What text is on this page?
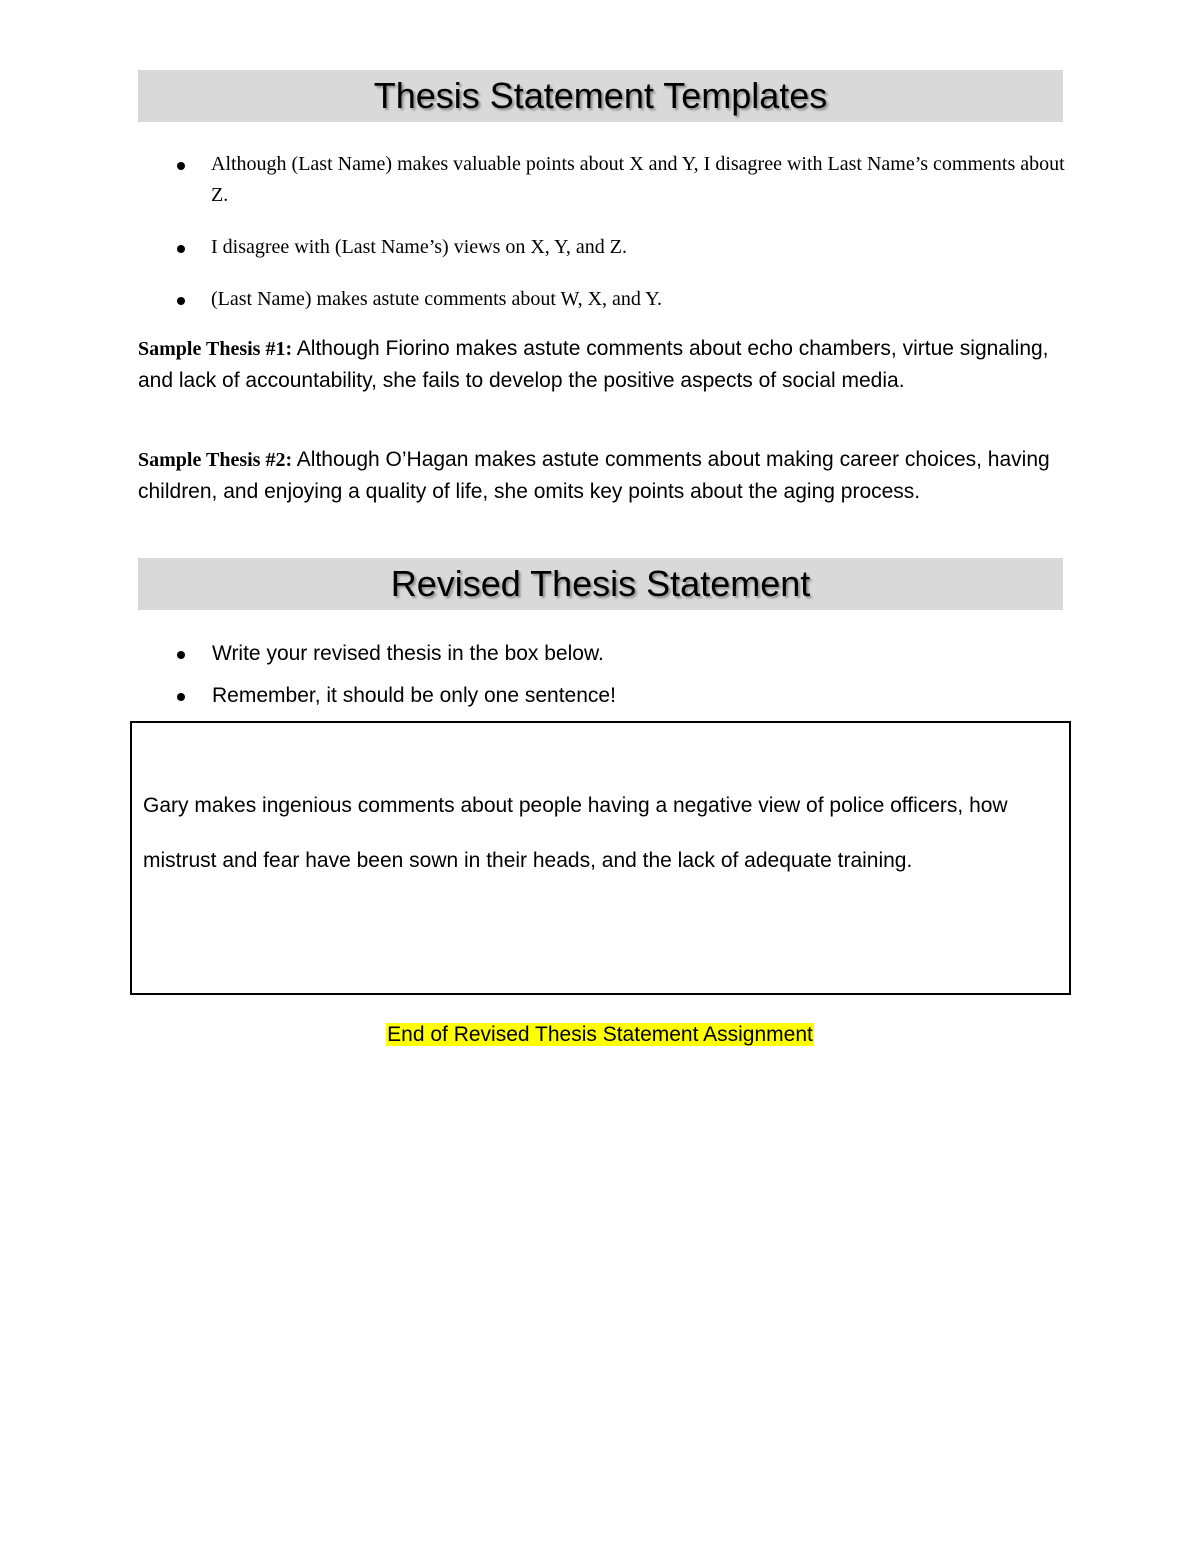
Thesis Statement Templates
Although (Last Name) makes valuable points about X and Y, I disagree with Last Name’s comments about Z.
I disagree with (Last Name’s) views on X, Y, and Z.
(Last Name) makes astute comments about W, X, and Y.

Sample Thesis #1: Although Fiorino makes astute comments about echo chambers, virtue signaling, and lack of accountability, she fails to develop the positive aspects of social media.

Sample Thesis #2: Although O’Hagan makes astute comments about making career choices, having children, and enjoying a quality of life, she omits key points about the aging process.

Revised Thesis Statement
Write your revised thesis in the box below.
Remember, it should be only one sentence!

Gary makes ingenious comments about people having a negative view of police officers, how mistrust and fear have been sown in their heads, and the lack of adequate training.

End of Revised Thesis Statement Assignment
